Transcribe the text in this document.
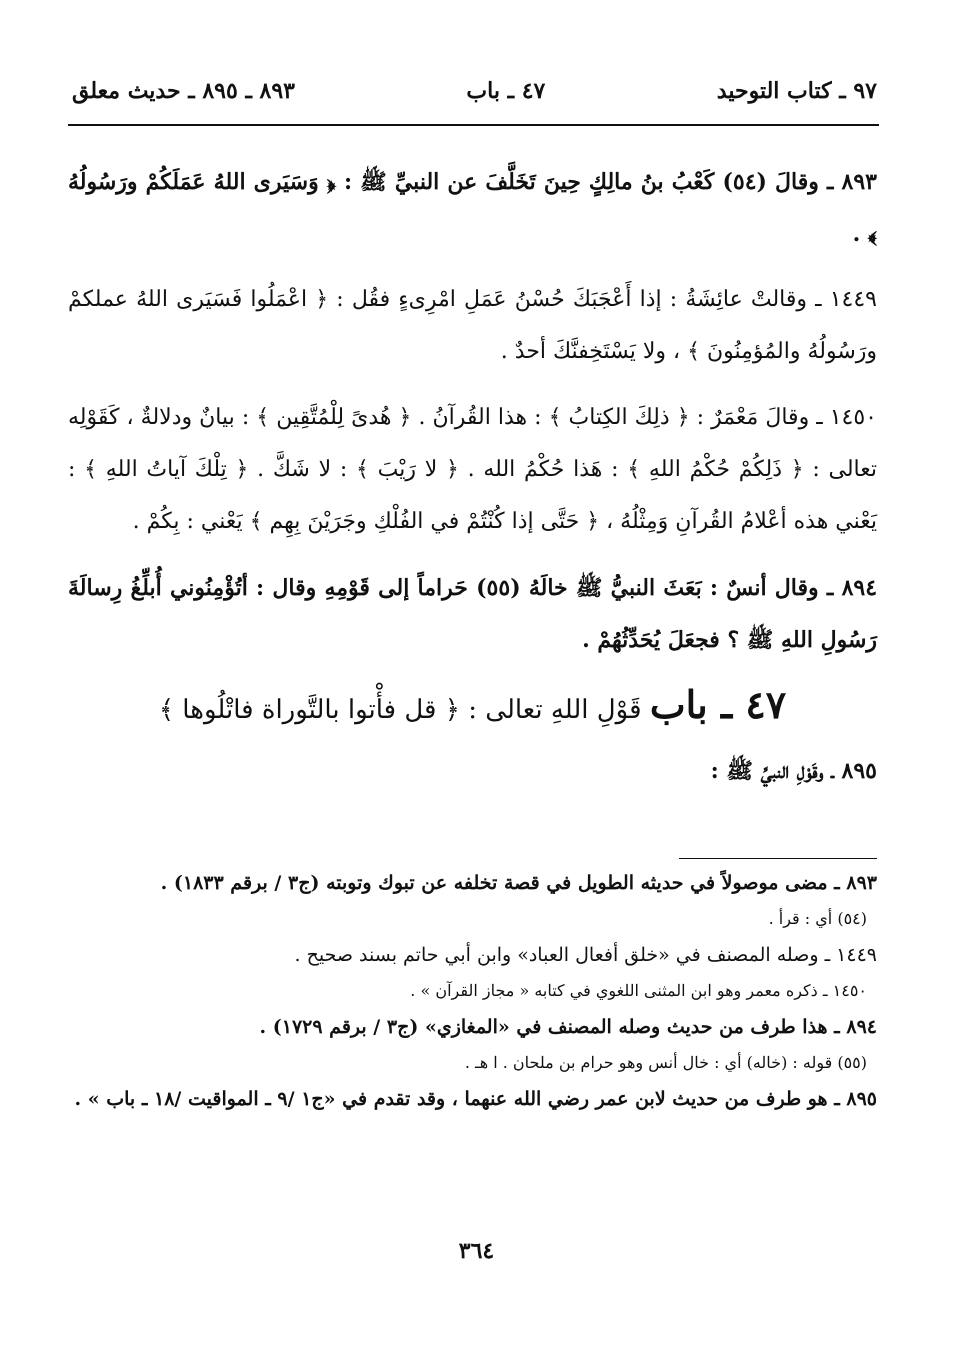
٩٧ ـ كتاب التوحيد
٤٧ ـ باب
٨٩٣ ـ ٨٩٥ ـ حديث معلق

٨٩٣ ـ وقالَ (٥٤) كَعْبُ بنُ مالِكٍ حِينَ تَخَلَّفَ عن النبيِّ ﷺ : ﴿ وَسَيَرى اللهُ عَمَلَكُمْ ورَسُولُهُ ﴾ .

١٤٤٩ ـ وقالتْ عائِشَةُ : إذا أَعْجَبَكَ حُسْنُ عَمَلِ امْرِىءٍ فقُل : ﴿ اعْمَلُوا فَسَيَرى اللهُ عملكمْ ورَسُولُهُ والمُؤمِنُونَ ﴾ ، ولا يَسْتَخِفنَّكَ أحدٌ .

١٤٥٠ ـ وقالَ مَعْمَرٌ : ﴿ ذلِكَ الكِتابُ ﴾ : هذا القُرآنُ . ﴿ هُدىً لِلْمُتَّقِين ﴾ : بيانٌ ودلالةٌ ، كَقَوْلِه تعالى : ﴿ ذَلِكُمْ حُكْمُ اللهِ ﴾ : هَذا حُكْمُ الله . ﴿ لا رَيْبَ ﴾ : لا شَكَّ . ﴿ تِلْكَ آياتُ اللهِ ﴾ : يَعْني هذه أعْلامُ القُرآنِ وَمِثْلُهُ ، ﴿ حَتَّى إذا كُنْتُمْ في الفُلْكِ وجَرَيْنَ بِهِم ﴾ يَعْني : بِكُمْ .

٨٩٤ ـ وقال أنسٌ : بَعَثَ النبيُّ ﷺ خالَهُ (٥٥) حَراماً إلى قَوْمِهِ وقال : أتُؤْمِنُوني أُبلِّغُ رِسالَةَ رَسُولِ اللهِ ﷺ ؟ فجعَلَ يُحَدِّثُهُمْ .

٤٧ ـ باب قَوْلِ اللهِ تعالى : ﴿ قل فأْتوا بالتَّوراة فاتْلُوها ﴾

٨٩٥ ـ وقَوْلِ النبيِّ ﷺ :

٨٩٣ ـ مضى موصولاً في حديثه الطويل في قصة تخلفه عن تبوك وتوبته (ج٣ / برقم ١٨٣٣) .

(٥٤) أي : قرأ .

١٤٤٩ ـ وصله المصنف في «خلق أفعال العباد» وابن أبي حاتم بسند صحيح .

١٤٥٠ ـ ذكره معمر وهو ابن المثنى اللغوي في كتابه « مجاز القرآن » .

٨٩٤ ـ هذا طرف من حديث وصله المصنف في «المغازي» (ج٣ / برقم ١٧٢٩) .

(٥٥) قوله : (خاله) أي : خال أنس وهو حرام بن ملحان . ا هـ .

٨٩٥ ـ هو طرف من حديث لابن عمر رضي الله عنهما ، وقد تقدم في «ج١ /٩ ـ المواقيت /١٨ ـ باب » .

٣٦٤
